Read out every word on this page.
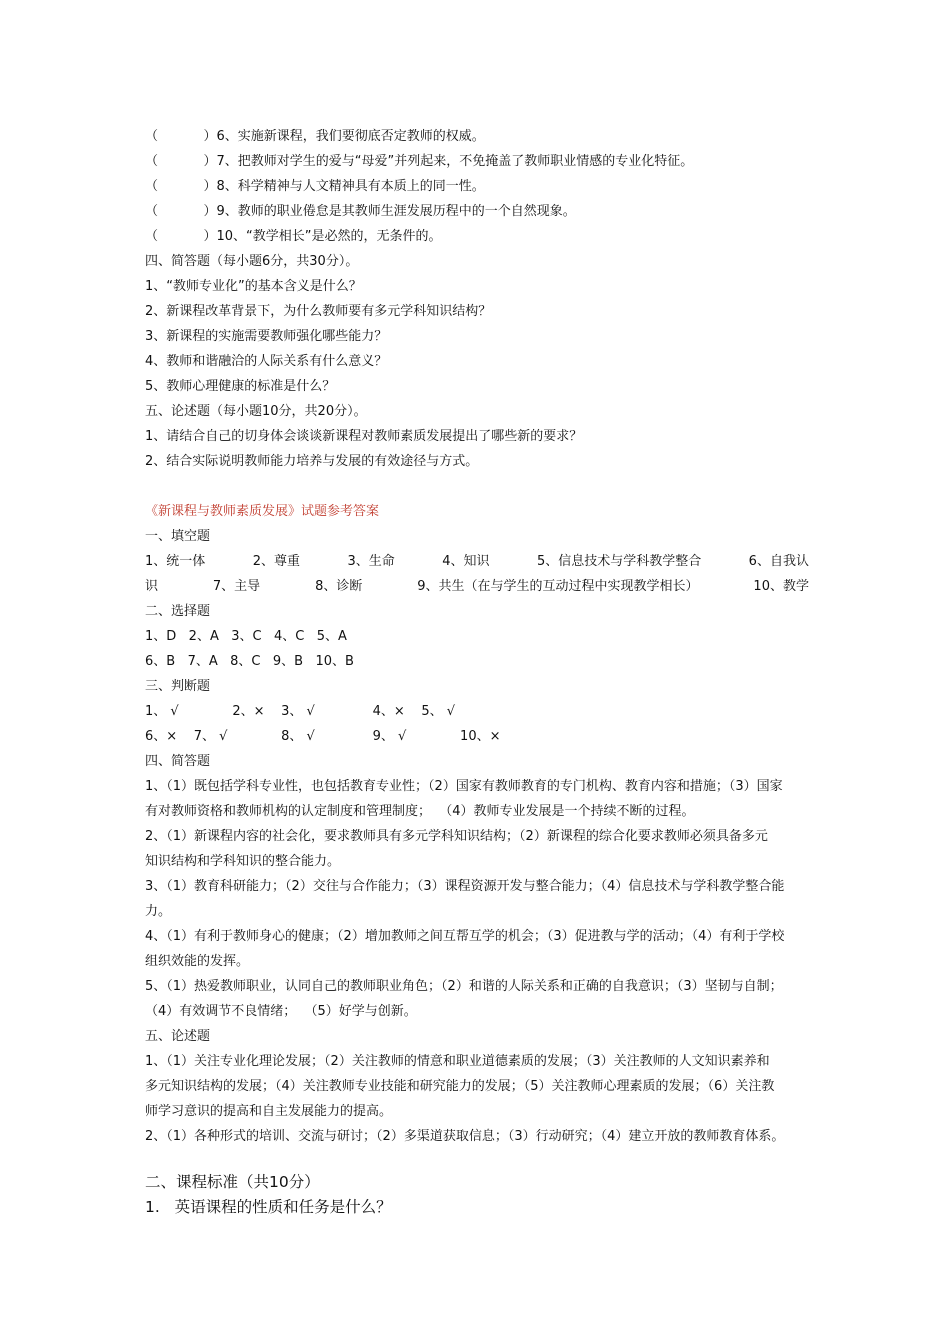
（           ）6、实施新课程，我们要彻底否定教师的权威。
（           ）7、把教师对学生的爱与“母爱”并列起来，不免掩盖了教师职业情感的专业化特征。
（           ）8、科学精神与人文精神具有本质上的同一性。
（           ）9、教师的职业倦怠是其教师生涯发展历程中的一个自然现象。
（           ）10、“教学相长”是必然的，无条件的。
四、简答题（每小题6分，共30分）。
1、“教师专业化”的基本含义是什么？
2、新课程改革背景下，为什么教师要有多元学科知识结构？
3、新课程的实施需要教师强化哪些能力？
4、教师和谐融洽的人际关系有什么意义？
5、教师心理健康的标准是什么？
五、论述题（每小题10分，共20分）。
1、请结合自己的切身体会谈谈新课程对教师素质发展提出了哪些新的要求？
2、结合实际说明教师能力培养与发展的有效途径与方式。
《新课程与教师素质发展》试题参考答案
一、填空题
1、统一体	2、尊重	3、生命	4、知识	5、信息技术与学科教学整合	6、自我认
识	7、主导	8、诊断	9、共生（在与学生的互动过程中实现教学相长）	10、教学
二、选择题
1、D   2、A   3、C   4、C   5、A
6、B   7、A   8、C   9、B   10、B
三、判断题
1、 √             2、×    3、 √              4、×    5、 √
6、×    7、 √             8、 √              9、 √             10、×
四、简答题
1、（1）既包括学科专业性，也包括教育专业性；（2）国家有教师教育的专门机构、教育内容和措施；（3）国家
有对教师资格和教师机构的认定制度和管理制度；  （4）教师专业发展是一个持续不断的过程。
2、（1）新课程内容的社会化，要求教师具有多元学科知识结构；（2）新课程的综合化要求教师必须具备多元
知识结构和学科知识的整合能力。
3、（1）教育科研能力；（2）交往与合作能力；（3）课程资源开发与整合能力；（4）信息技术与学科教学整合能
力。
4、（1）有利于教师身心的健康；（2）增加教师之间互帮互学的机会；（3）促进教与学的活动；（4）有利于学校
组织效能的发挥。
5、（1）热爱教师职业，认同自己的教师职业角色；（2）和谐的人际关系和正确的自我意识；（3）坚韧与自制；
（4）有效调节不良情绪；  （5）好学与创新。
五、论述题
1、（1）关注专业化理论发展；（2）关注教师的情意和职业道德素质的发展；（3）关注教师的人文知识素养和
多元知识结构的发展；（4）关注教师专业技能和研究能力的发展；（5）关注教师心理素质的发展；（6）关注教
师学习意识的提高和自主发展能力的提高。
2、（1）各种形式的培训、交流与研讨；（2）多渠道获取信息；（3）行动研究；（4）建立开放的教师教育体系。
二、课程标准（共10分）
1.   英语课程的性质和任务是什么？
